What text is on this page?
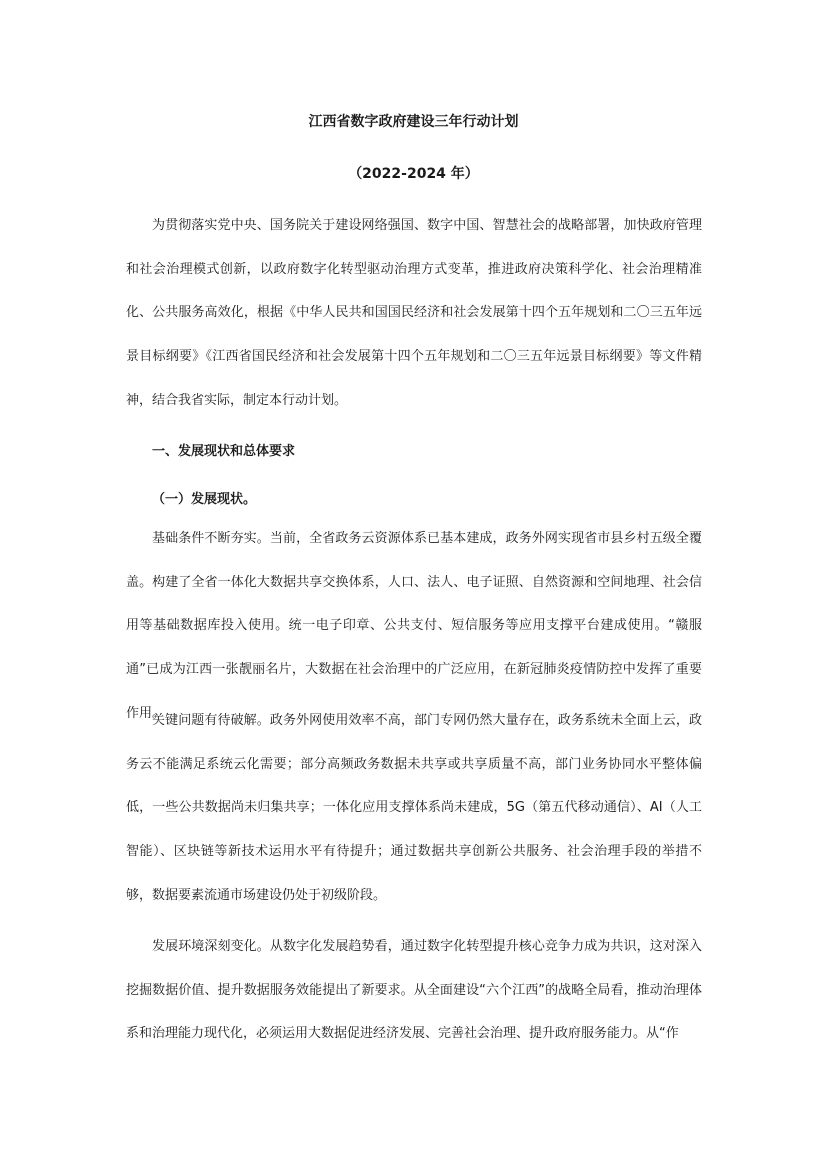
江西省数字政府建设三年行动计划
（2022-2024 年）

为贯彻落实党中央、国务院关于建设网络强国、数字中国、智慧社会的战略部署，加快政府管理和社会治理模式创新，以政府数字化转型驱动治理方式变革，推进政府决策科学化、社会治理精准化、公共服务高效化，根据《中华人民共和国国民经济和社会发展第十四个五年规划和二〇三五年远景目标纲要》《江西省国民经济和社会发展第十四个五年规划和二〇三五年远景目标纲要》等文件精神，结合我省实际，制定本行动计划。

一、发展现状和总体要求
（一）发展现状。

基础条件不断夯实。当前，全省政务云资源体系已基本建成，政务外网实现省市县乡村五级全覆盖。构建了全省一体化大数据共享交换体系，人口、法人、电子证照、自然资源和空间地理、社会信用等基础数据库投入使用。统一电子印章、公共支付、短信服务等应用支撑平台建成使用。“赣服通”已成为江西一张靓丽名片，大数据在社会治理中的广泛应用，在新冠肺炎疫情防控中发挥了重要作用。

关键问题有待破解。政务外网使用效率不高，部门专网仍然大量存在，政务系统未全面上云，政务云不能满足系统云化需要；部分高频政务数据未共享或共享质量不高，部门业务协同水平整体偏低，一些公共数据尚未归集共享；一体化应用支撑体系尚未建成，5G（第五代移动通信）、AI（人工智能）、区块链等新技术运用水平有待提升；通过数据共享创新公共服务、社会治理手段的举措不够，数据要素流通市场建设仍处于初级阶段。

发展环境深刻变化。从数字化发展趋势看，通过数字化转型提升核心竞争力成为共识，这对深入挖掘数据价值、提升数据服务效能提出了新要求。从全面建设“六个江西”的战略全局看，推动治理体系和治理能力现代化，必须运用大数据促进经济发展、完善社会治理、提升政府服务能力。从“作
